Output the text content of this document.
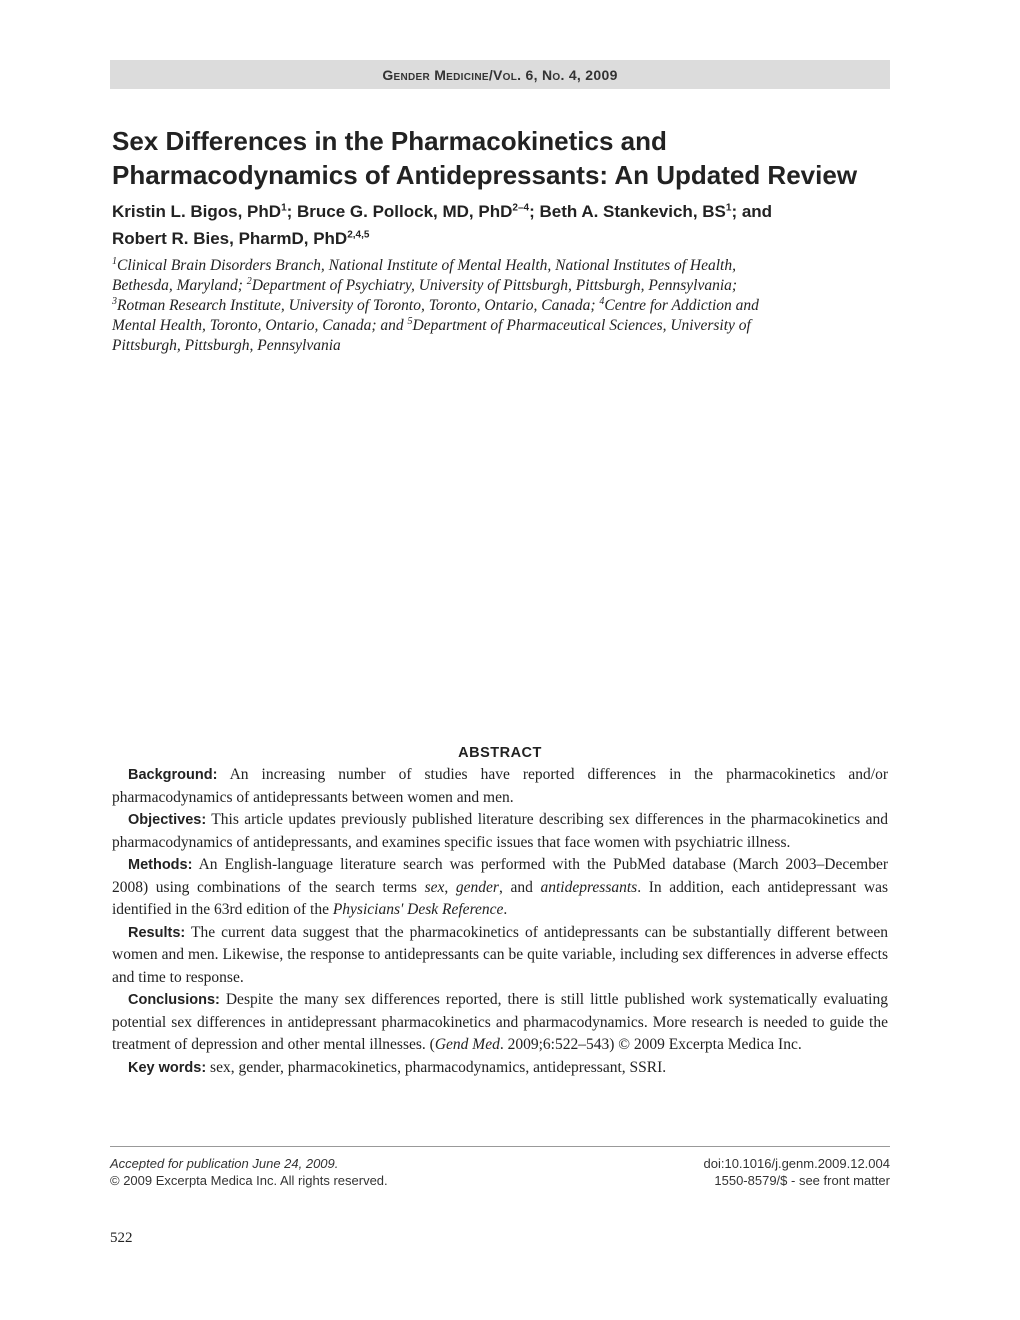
Gender Medicine/Vol. 6, No. 4, 2009
Sex Differences in the Pharmacokinetics and
Pharmacodynamics of Antidepressants: An Updated Review
Kristin L. Bigos, PhD$^1$; Bruce G. Pollock, MD, PhD$^{2-4}$; Beth A. Stankevich, $BS^1$; and
Robert R. Bies, PharmD, PhD$^{2,4,5}$
$^1$Clinical Brain Disorders Branch, National Institute of Mental Health, National Institutes of Health,
Bethesda, Maryland; $^2$Department of Psychiatry, University of Pittsburgh, Pittsburgh, Pennsylvania;
$^3$Rotman Research Institute, University of Toronto, Toronto, Ontario, Canada; $^4$Centre for Addiction and
Mental Health, Toronto, Ontario, Canada; and $^5$Department of Pharmaceutical Sciences, University of
Pittsburgh, Pittsburgh, Pennsylvania
ABSTRACT

Background: An increasing number of studies have reported differences in the pharmacokinetics and/or pharmacodynamics of antidepressants between women and men.

Objectives: This article updates previously published literature describing sex differences in the pharmacokinetics and pharmacodynamics of antidepressants, and examines specific issues that face women with psychiatric illness.

Methods: An English-language literature search was performed with the PubMed database (March 2003–December 2008) using combinations of the search terms sex, gender, and antidepressants. In addition, each antidepressant was identified in the 63rd edition of the Physicians' Desk Reference.

Results: The current data suggest that the pharmacokinetics of antidepressants can be substantially different between women and men. Likewise, the response to antidepressants can be quite variable, including sex differences in adverse effects and time to response.

Conclusions: Despite the many sex differences reported, there is still little published work systematically evaluating potential sex differences in antidepressant pharmacokinetics and pharmacodynamics. More research is needed to guide the treatment of depression and other mental illnesses. (Gend Med. 2009;6:522–543) © 2009 Excerpta Medica Inc.

Key words: sex, gender, pharmacokinetics, pharmacodynamics, antidepressant, SSRI.

Accepted for publication June 24, 2009.
© 2009 Excerpta Medica Inc. All rights reserved.
doi:10.1016/j.genm.2009.12.004
1550-8579/$ - see front matter
522
